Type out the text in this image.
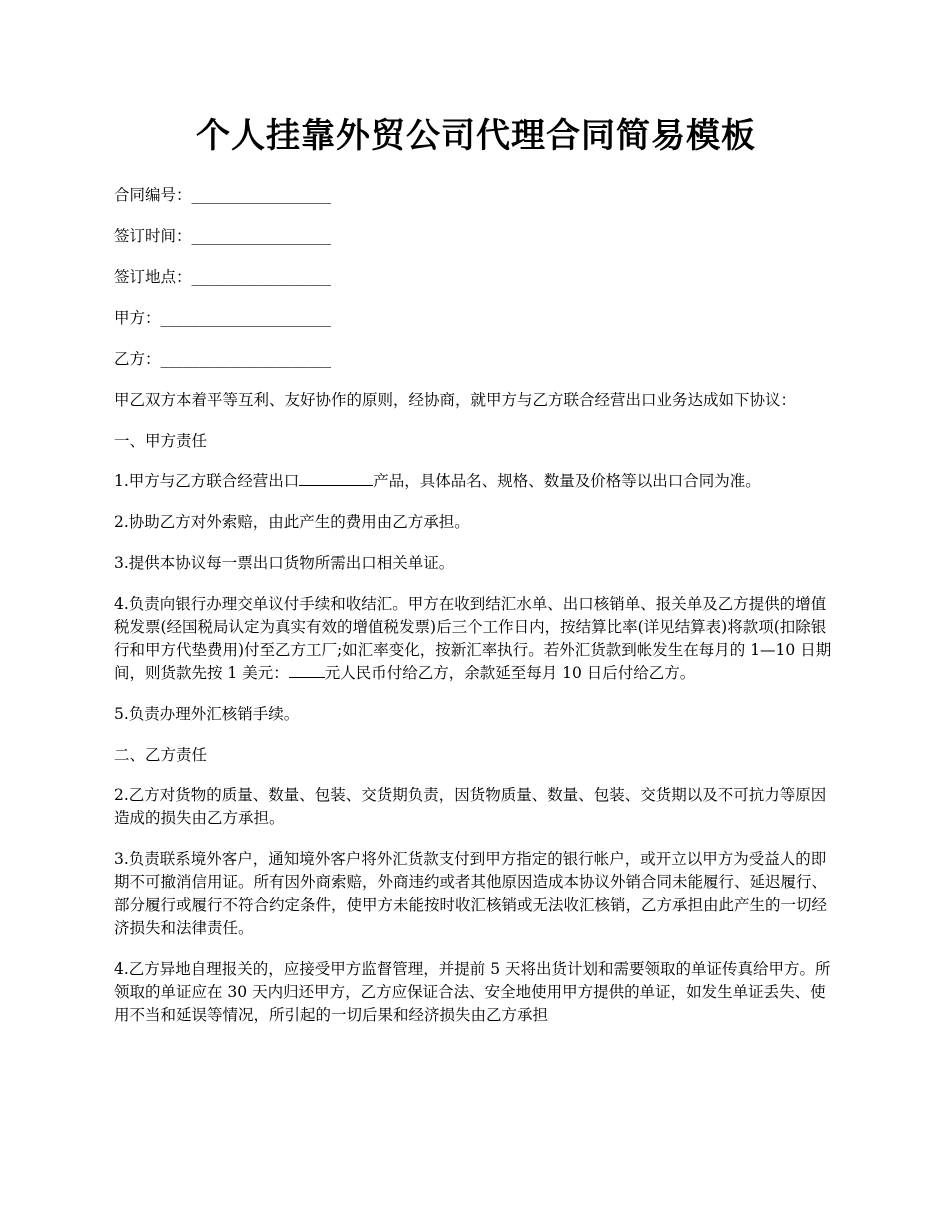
个人挂靠外贸公司代理合同简易模板
合同编号：__________________
签订时间：__________________
签订地点：__________________
甲方：______________________
乙方：______________________

甲乙双方本着平等互利、友好协作的原则，经协商，就甲方与乙方联合经营出口业务达成如下协议：

一、甲方责任

1.甲方与乙方联合经营出口	产品，具体品名、规格、数量及价格等以出口合同为准。

2.协助乙方对外索赔，由此产生的费用由乙方承担。

3.提供本协议每一票出口货物所需出口相关单证。

4.负责向银行办理交单议付手续和收结汇。甲方在收到结汇水单、出口核销单、报关单及乙方提供的增值税发票(经国税局认定为真实有效的增值税发票)后三个工作日内，按结算比率(详见结算表)将款项(扣除银行和甲方代垫费用)付至乙方工厂;如汇率变化，按新汇率执行。若外汇货款到帐发生在每月的 1—10 日期间，则货款先按 1 美元： 元人民币付给乙方，余款延至每月 10 日后付给乙方。

5.负责办理外汇核销手续。

二、乙方责任

2.乙方对货物的质量、数量、包装、交货期负责，因货物质量、数量、包装、交货期以及不可抗力等原因造成的损失由乙方承担。

3.负责联系境外客户，通知境外客户将外汇货款支付到甲方指定的银行帐户，或开立以甲方为受益人的即期不可撤消信用证。所有因外商索赔，外商违约或者其他原因造成本协议外销合同未能履行、延迟履行、部分履行或履行不符合约定条件，使甲方未能按时收汇核销或无法收汇核销，乙方承担由此产生的一切经济损失和法律责任。

4.乙方异地自理报关的，应接受甲方监督管理，并提前 5 天将出货计划和需要领取的单证传真给甲方。所领取的单证应在 30 天内归还甲方，乙方应保证合法、安全地使用甲方提供的单证，如发生单证丢失、使用不当和延误等情况，所引起的一切后果和经济损失由乙方承担
